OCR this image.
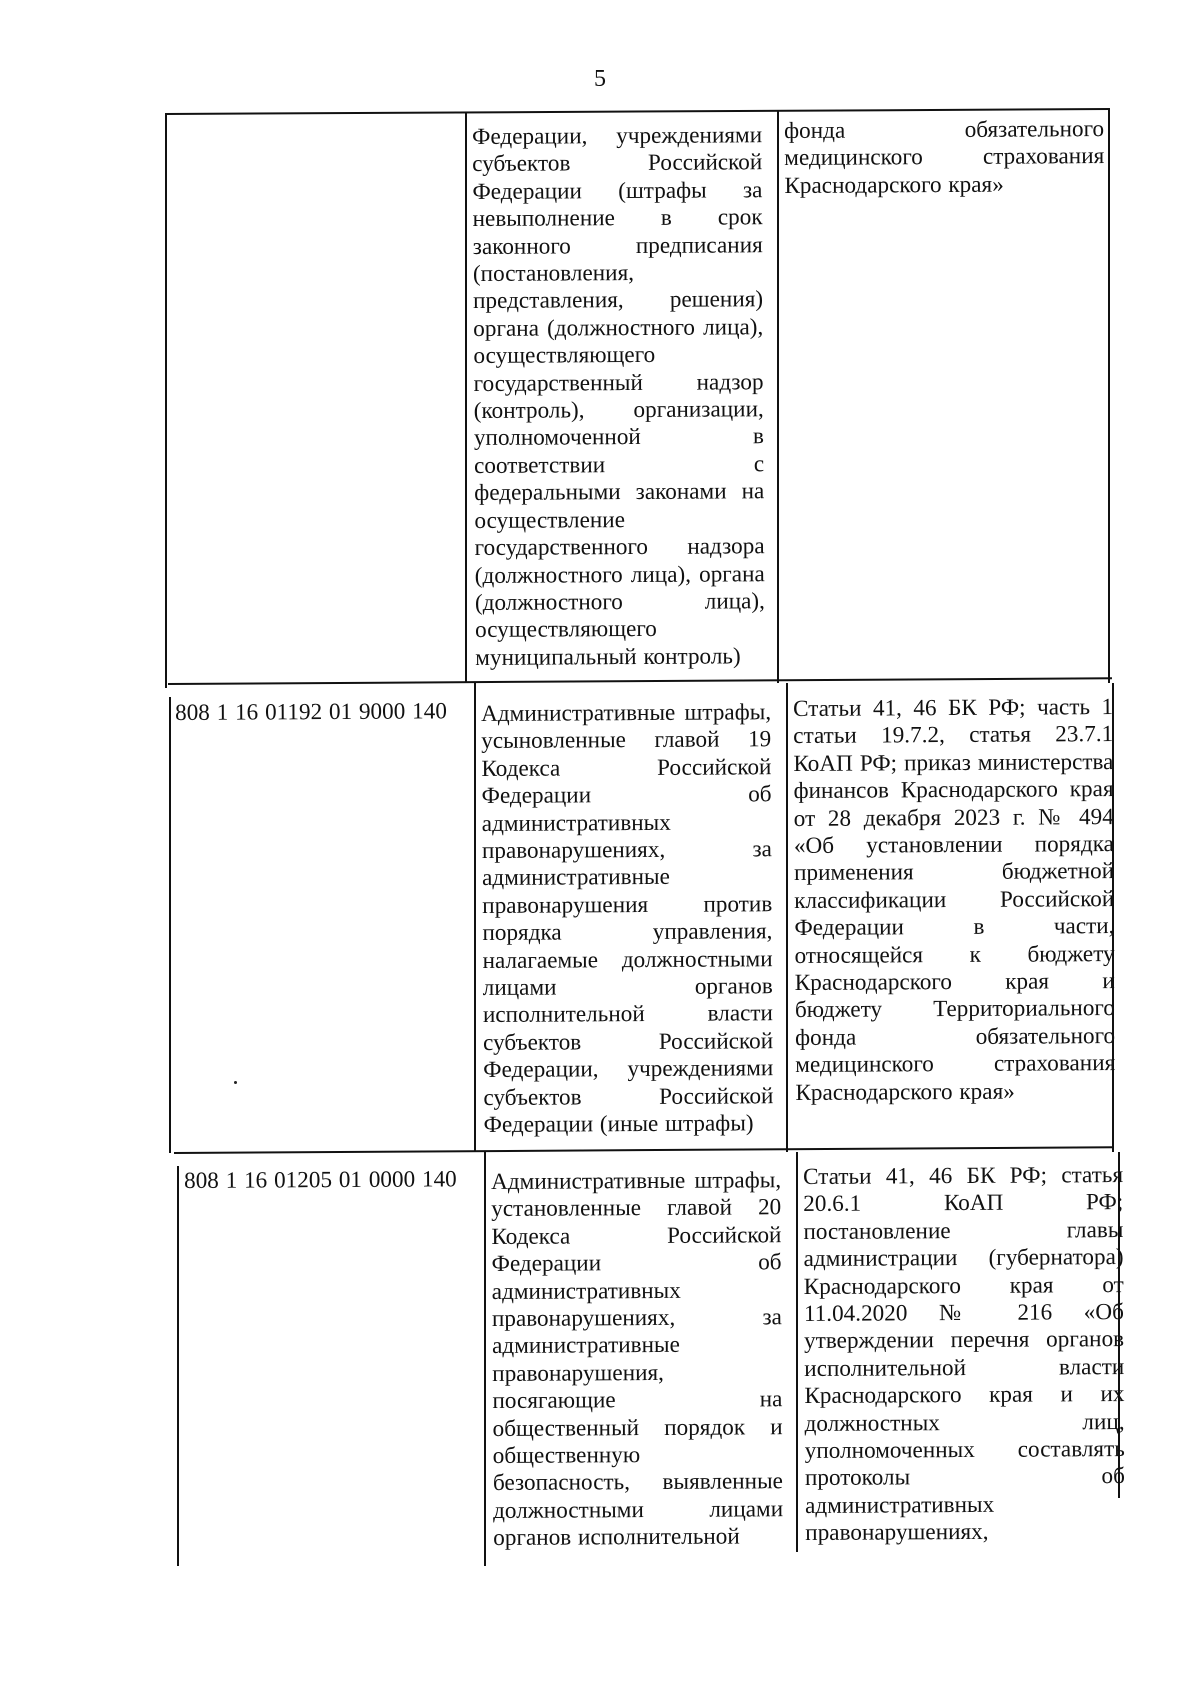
5
Федерации, учреждениями субъектов Российской Федерации (штрафы за невыполнение в срок законного предписания (постановления, представления, решения) органа (должностного лица), осуществляющего государственный надзор (контроль), организации, уполномоченной в соответствии с федеральными законами на осуществление государственного надзора (должностного лица), органа (должностного лица), осуществляющего муниципальный контроль)
фонда обязательного медицинского страхования Краснодарского края»
808 1 16 01192 01 9000 140 Административные штрафы, усыновленные главой 19 Кодекса Российской Федерации об административных правонарушениях, за административные правонарушения против порядка управления, налагаемые должностными лицами органов исполнительной власти субъектов Российской Федерации, учреждениями субъектов Российской Федерации (иные штрафы)
Статьи 41, 46 БК РФ; часть 1 статьи 19.7.2, статья 23.7.1 КоАП РФ; приказ министерства финансов Краснодарского края от 28 декабря 2023 г. № 494 «Об установлении порядка применения бюджетной классификации Российской Федерации в части, относящейся к бюджету Краснодарского края и бюджету Территориального фонда обязательного медицинского страхования Краснодарского края»
808 1 16 01205 01 0000 140 Административные штрафы, установленные главой 20 Кодекса Российской Федерации об административных правонарушениях, за административные правонарушения, посягающие на общественный порядок и общественную безопасность, выявленные должностными лицами органов исполнительной
Статьи 41, 46 БК РФ; статья 20.6.1 КоАП РФ; постановление главы администрации (губернатора) Краснодарского края от 11.04.2020 № 216 «Об утверждении перечня органов исполнительной власти Краснодарского края и их должностных лиц, уполномоченных составлять протоколы об административных правонарушениях,
